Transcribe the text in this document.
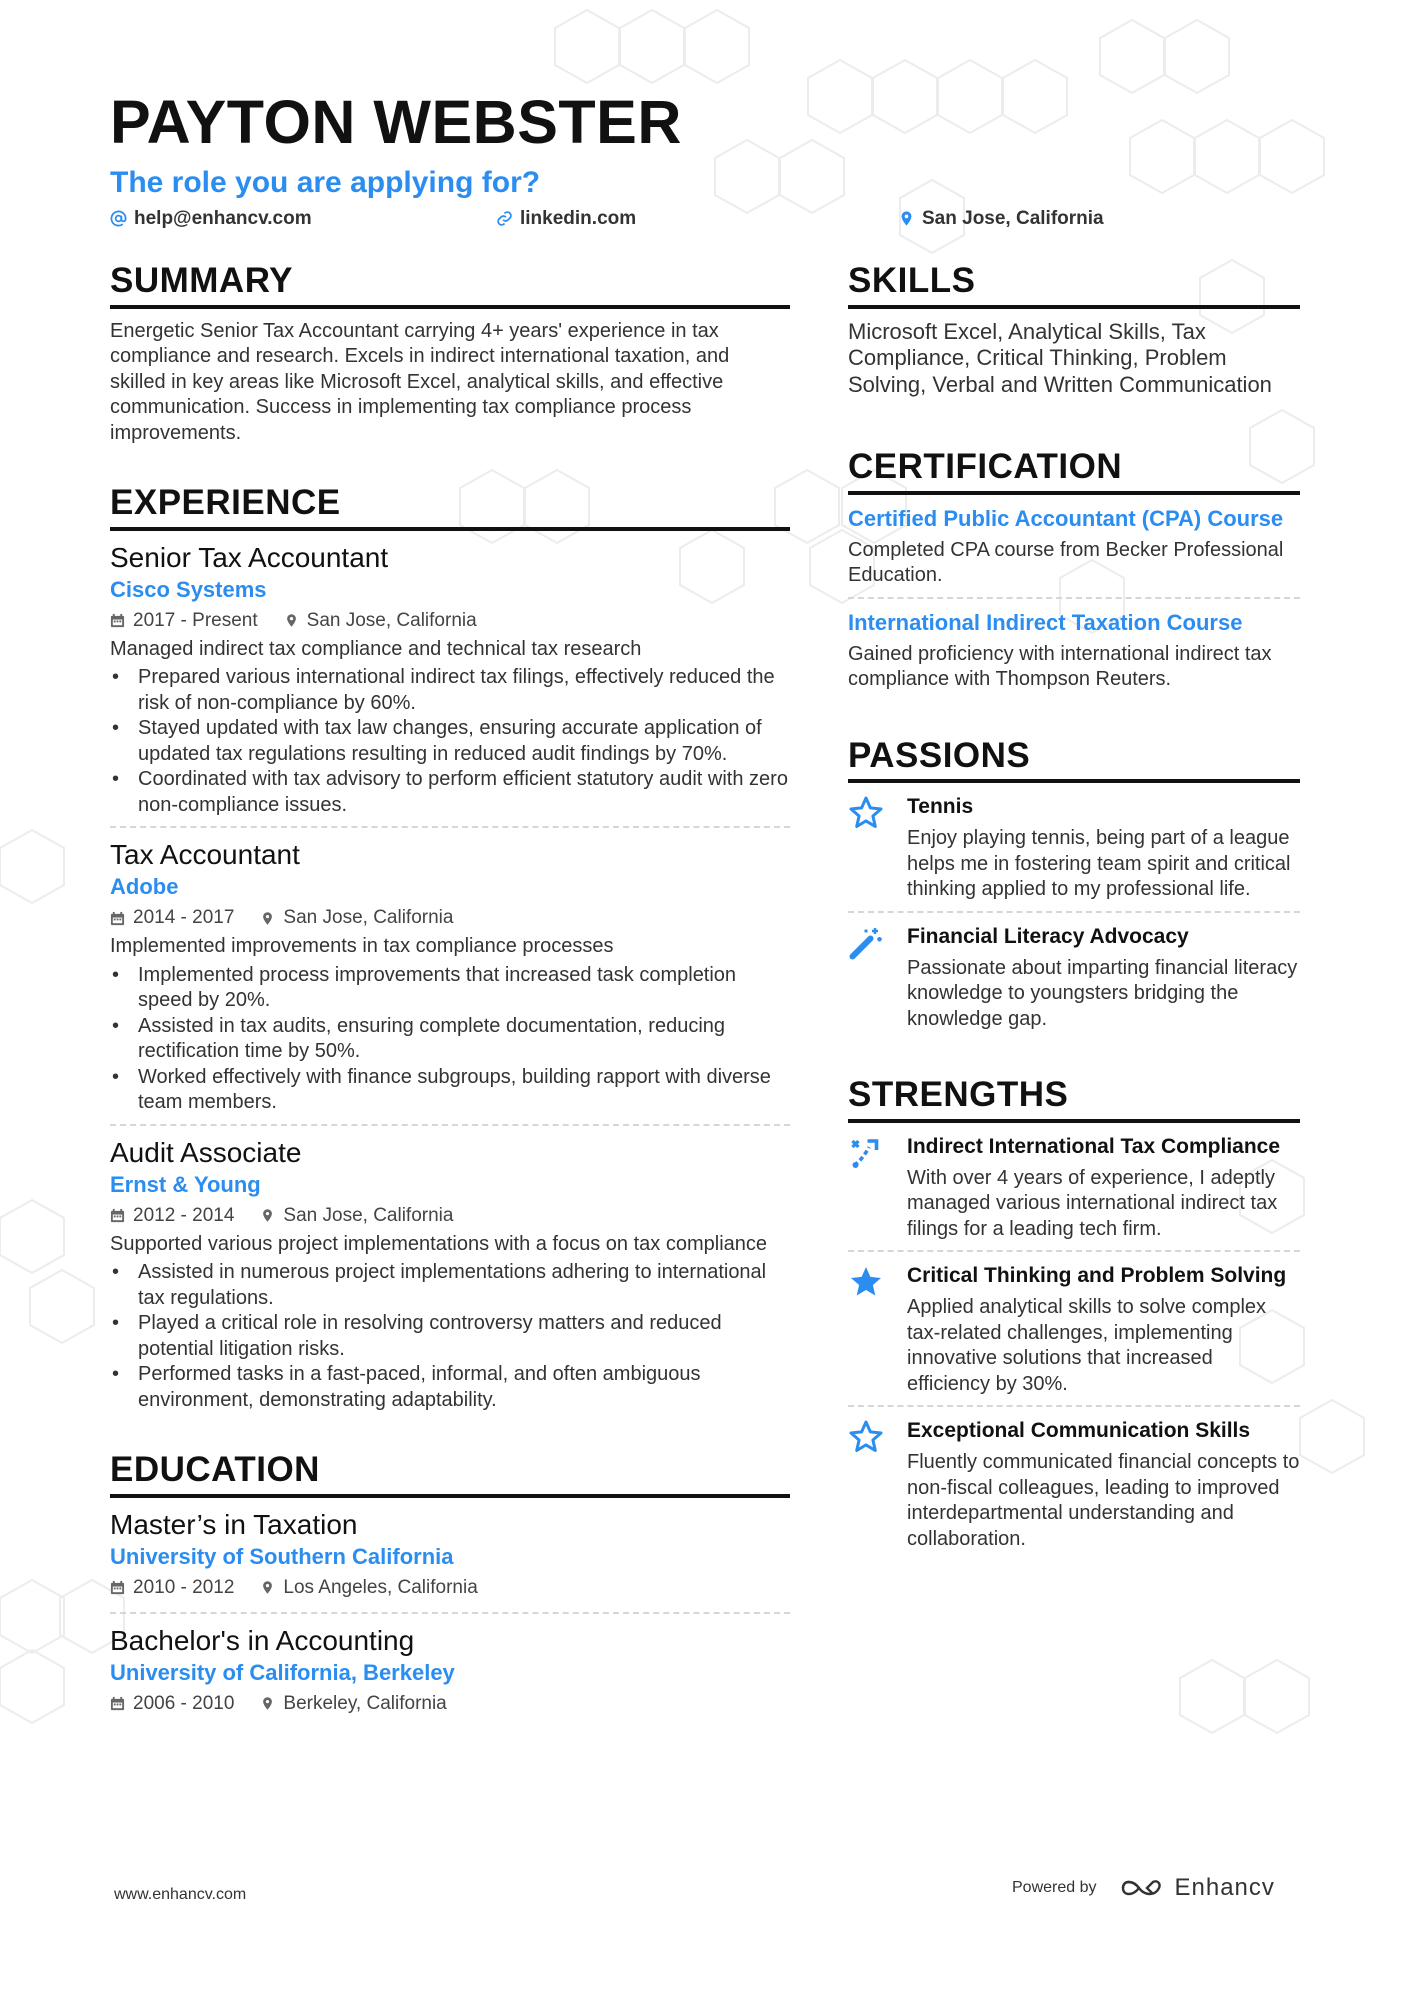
PAYTON WEBSTER
The role you are applying for?
help@enhancv.com	linkedin.com	San Jose, California
SUMMARY

Energetic Senior Tax Accountant carrying 4+ years' experience in tax compliance and research. Excels in indirect international taxation, and skilled in key areas like Microsoft Excel, analytical skills, and effective communication. Success in implementing tax compliance process improvements.

EXPERIENCE
Senior Tax Accountant
Cisco Systems
2017 - Present	San Jose, California

Managed indirect tax compliance and technical tax research

• Prepared various international indirect tax filings, effectively reduced the risk of non-compliance by 60%.
• Stayed updated with tax law changes, ensuring accurate application of updated tax regulations resulting in reduced audit findings by 70%.
• Coordinated with tax advisory to perform efficient statutory audit with zero non-compliance issues.
Tax Accountant
Adobe
2014 - 2017	San Jose, California

Implemented improvements in tax compliance processes

• Implemented process improvements that increased task completion speed by 20%.
• Assisted in tax audits, ensuring complete documentation, reducing rectification time by 50%.
• Worked effectively with finance subgroups, building rapport with diverse team members.
Audit Associate
Ernst & Young
2012 - 2014	San Jose, California

Supported various project implementations with a focus on tax compliance

• Assisted in numerous project implementations adhering to international tax regulations.
• Played a critical role in resolving controversy matters and reduced potential litigation risks.
• Performed tasks in a fast-paced, informal, and often ambiguous environment, demonstrating adaptability.
EDUCATION
Master’s in Taxation
University of Southern California
2010 - 2012	Los Angeles, California
Bachelor's in Accounting
University of California, Berkeley
2006 - 2010	Berkeley, California
SKILLS

Microsoft Excel, Analytical Skills, Tax Compliance, Critical Thinking, Problem Solving, Verbal and Written Communication

CERTIFICATION
Certified Public Accountant (CPA) Course

Completed CPA course from Becker Professional Education.

International Indirect Taxation Course

Gained proficiency with international indirect tax compliance with Thompson Reuters.

PASSIONS
Tennis

Enjoy playing tennis, being part of a league helps me in fostering team spirit and critical thinking applied to my professional life.

Financial Literacy Advocacy

Passionate about imparting financial literacy knowledge to youngsters bridging the knowledge gap.

STRENGTHS
Indirect International Tax Compliance

With over 4 years of experience, I adeptly managed various international indirect tax filings for a leading tech firm.

Critical Thinking and Problem Solving

Applied analytical skills to solve complex tax-related challenges, implementing innovative solutions that increased efficiency by 30%.

Exceptional Communication Skills

Fluently communicated financial concepts to non-fiscal colleagues, leading to improved interdepartmental understanding and collaboration.

www.enhancv.com	Powered by	Enhancv
